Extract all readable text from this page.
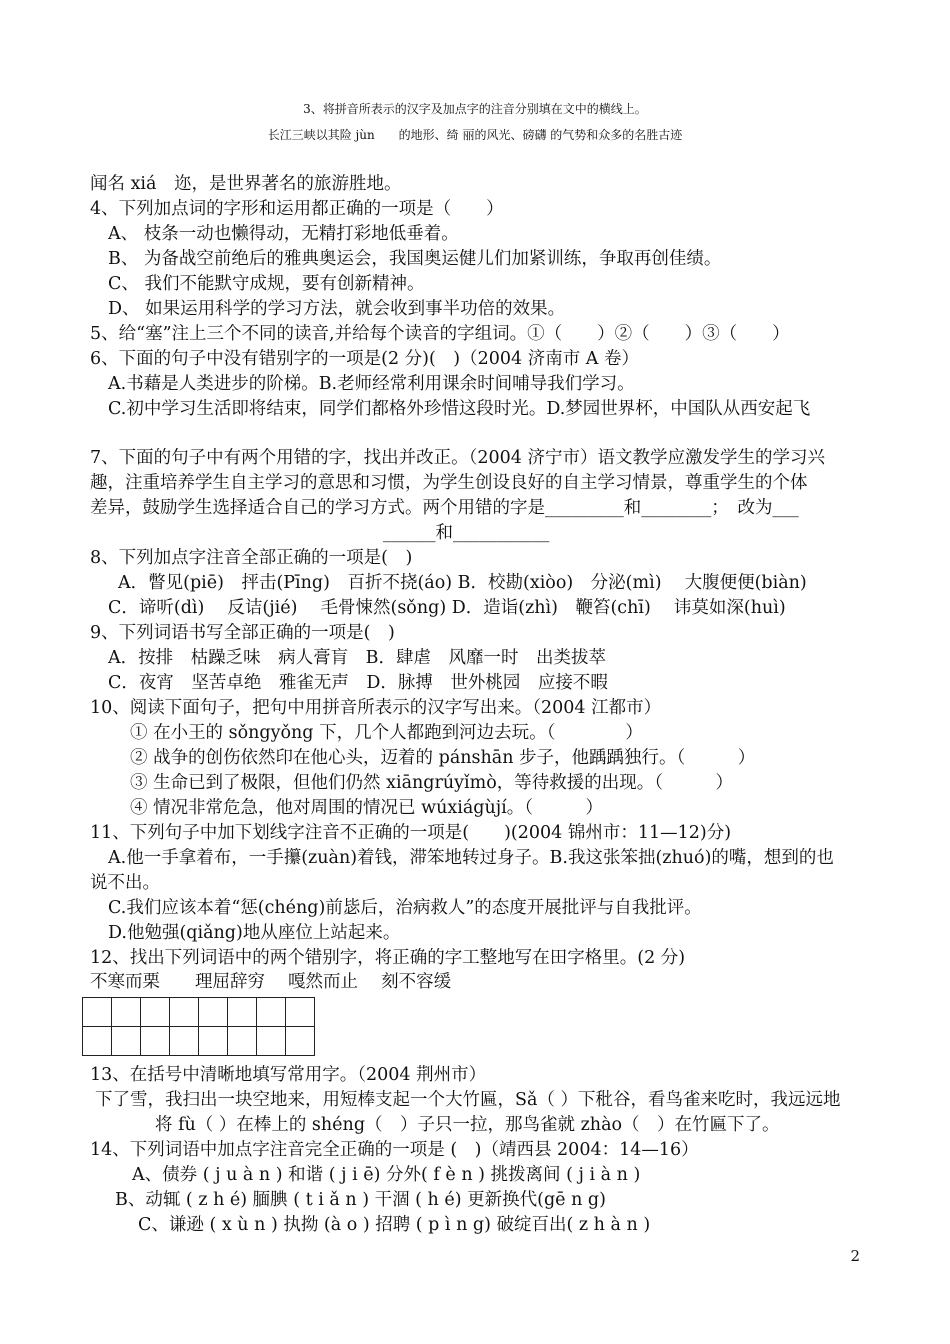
3、将拼音所表示的汉字及加点字的注音分别填在文中的横线上。
长江三峡以其险 jùn　　的地形、绮 丽的风光、磅礴 的气势和众多的名胜古迹
闻名 xiá　迩，是世界著名的旅游胜地。
4、下列加点词的字形和运用都正确的一项是（　　）
A、 枝条一动也懒得动，无精打彩地低垂着。
B、 为备战空前绝后的雅典奥运会，我国奥运健儿们加紧训练，争取再创佳绩。
C、 我们不能默守成规，要有创新精神。
D、 如果运用科学的学习方法，就会收到事半功倍的效果。
5、给“塞”注上三个不同的读音,并给每个读音的字组词。①（　　）②（　　）③（　　）
6、下面的句子中没有错别字的一项是(2 分)(　)（2004 济南市 A 卷）
A.书藉是人类进步的阶梯。B.老师经常利用课余时间哺导我们学习。
C.初中学习生活即将结束，同学们都格外珍惜这段时光。D.梦园世界杯，中国队从西安起飞
7、下面的句子中有两个用错的字，找出并改正。（2004 济宁市）语文教学应激发学生的学习兴
趣，注重培养学生自主学习的意思和习惯，为学生创设良好的自主学习情景，尊重学生的个体
差异，鼓励学生选择适合自己的学习方式。两个用错的字是_________和________；　改为___
______和___________
8、下列加点字注音全部正确的一项是(　)
A．瞥见(piē)　抨击(Pīng)　百折不挠(áo) B．校勘(xiòo)　分泌(mì)　 大腹便便(biàn)
C．谛听(dì)　 反诘(jié)　 毛骨悚然(sǒng) D．造诣(zhì)　鞭笞(chī)　 讳莫如深(huì)
9、下列词语书写全部正确的一项是(　)
A．按排　枯躁乏味　病人膏肓　B．肆虐　风靡一时　出类拔萃
C．夜宵　坚苦卓绝　雅雀无声　D．脉搏　世外桃园　应接不暇
10、阅读下面句子，把句中用拼音所表示的汉字写出来。（2004 江都市）
① 在小王的 sǒngyǒng 下，几个人都跑到河边去玩。（　　　　）
② 战争的创伤依然印在他心头，迈着的 pánshān 步子，他踽踽独行。（　　　）
③ 生命已到了极限，但他们仍然 xiāngrúyǐmò，等待救援的出现。（　　　）
④ 情况非常危急，他对周围的情况已 wúxiágùjí。（　　　）
11、下列句子中加下划线字注音不正确的一项是(　　)(2004 锦州市：11—12)分)
A.他一手拿着布，一手攥(zuàn)着钱，滞笨地转过身子。B.我这张笨拙(zhuó)的嘴，想到的也
说不出。
C.我们应该本着“惩(chéng)前毖后，治病救人”的态度开展批评与自我批评。
D.他勉强(qiǎng)地从座位上站起来。
12、找出下列词语中的两个错别字，将正确的字工整地写在田字格里。(2 分)
不寒而栗　　理屈辞穷　 嘎然而止　 刻不容缓

13、在括号中清晰地填写常用字。（2004 荆州市）
下了雪，我扫出一块空地来，用短棒支起一个大竹匾，Sǎ（ ）下秕谷，看鸟雀来吃时，我远远地
将 fù（ ）在棒上的 shéng（　）子只一拉，那鸟雀就 zhào（　）在竹匾下了。
14、下列词语中加点字注音完全正确的一项是 (　)（靖西县 2004：14—16）
A、债券 ( j u à n ) 和谐 ( j i ē) 分外( f è n ) 挑拨离间 ( j i à n )
B、动辄 ( z h é) 腼腆 ( t i ǎ n ) 干涸 ( h é) 更新换代(gē n g)
C、谦逊 ( x ù n ) 执拗 (à o ) 招聘 ( p ì n g) 破绽百出( z h à n )
2
